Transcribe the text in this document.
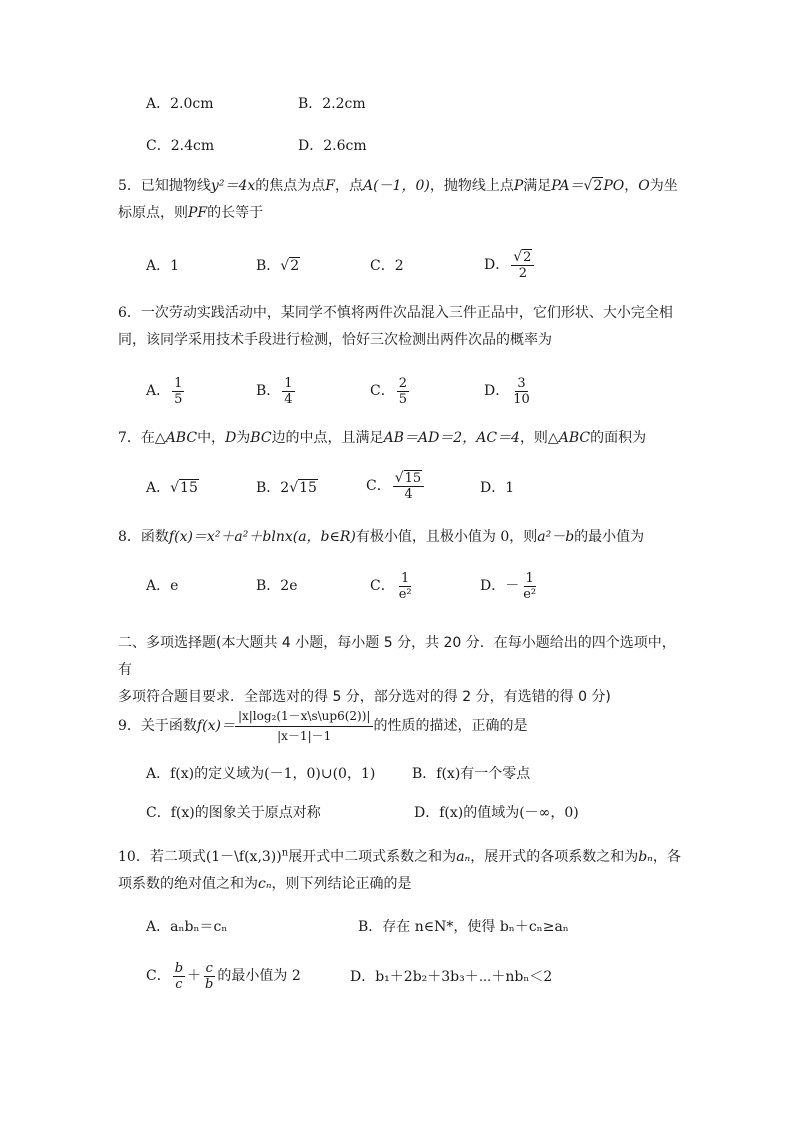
A．2.0cm	B．2.2cm
C．2.4cm	D．2.6cm
5．已知抛物线y²＝4x的焦点为点F，点A(－1，0)，抛物线上点P满足PA＝√2PO，O为坐
标原点，则PF的长等于
A．1	B．√2	C．2	D． $\frac{√2}{2}$
6．一次劳动实践活动中，某同学不慎将两件次品混入三件正品中，它们形状、大小完全相
同，该同学采用技术手段进行检测，恰好三次检测出两件次品的概率为
A． $\frac{1}{5}$	B． $\frac{1}{4}$	C． $\frac{2}{5}$	D． $\frac{3}{10}$
7．在△ABC中，D为BC边的中点，且满足AB＝AD＝2，AC＝4，则△ABC的面积为
A．√15	B．2√15	C． $\frac{√15}{4}$	D．1
8．函数f(x)＝x²＋a²＋blnx(a，b∈R)有极小值，且极小值为 0，则a²－b的最小值为
A．e	B．2e	C． $\frac{1}{\text{e²}}$	D．－ $\frac{1}{\text{e²}}$
二、多项选择题(本大题共 4 小题，每小题 5 分，共 20 分．在每小题给出的四个选项中，有
多项符合题目要求．全部选对的得 5 分，部分选对的得 2 分，有选错的得 0 分)
9．关于函数$f(x)= \frac{\text{|x|log₂(1－x\textbackslash{}s\textbackslash{}up6(2))|}}{|x-1|-1}$ 的性质的描述，正确的是
A．f(x)的定义域为(－1，0)∪(0，1)	B．f(x)有一个零点
C．f(x)的图象关于原点对称	D．f(x)的值域为(－∞，0)
10．若二项式(1－\f(x,3))$^n$展开式中二项式系数之和为aₙ，展开式的各项系数之和为bₙ，各
项系数的绝对值之和为cₙ，则下列结论正确的是
A．aₙbₙ＝cₙ	B．存在 n∈N*，使得 bₙ＋cₙ≥aₙ
C． $\frac{b}{c} + \frac{c}{b}$ 的最小值为 2	D．b₁＋2b₂＋3b₃＋⋯＋nbₙ＜2
